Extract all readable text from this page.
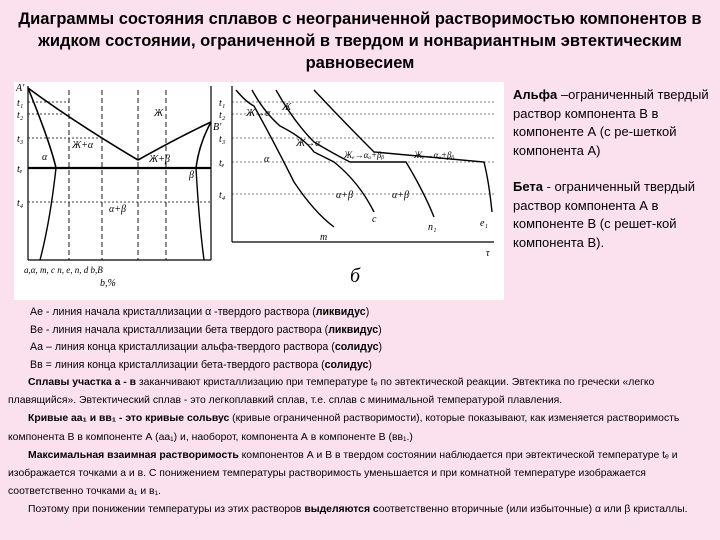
Диаграммы состояния сплавов с неограниченной растворимостью компонентов в жидком состоянии, ограниченной в твердом и нонвариантным эвтектическим равновесием
A'
t₁
t₂
t₃
tₑ
t₄
α
Ж
Ж+α
Ж+β
α+β
β
B'
а,α, m, c n, e, n, d b,B
b,%
t₁
t₂
t₃
tₑ
t₄
Ж→α
Ж
Ж→α
Жₑ→αₐ+βᵦ	Жₑ→αₐ+βᵦ
α
α+β	α+β
m
c
n₁	e₁
τ
б

Альфа –ограниченный твердый раствор компонента В в компоненте А (с ре-шеткой компонента А)

Бета - ограниченный твердый раствор компонента А в компоненте В (с решет-кой компонента В).

Ае - линия начала кристаллизации α -твердого раствора (ликвидус)
Ве - линия начала кристаллизации бета твердого раствора (ликвидус)
Аа – линия конца кристаллизации альфа-твердого раствора (солидус)
Вв = линия конца кристаллизации бета-твердого раствора (солидус)

Сплавы участка а - в заканчивают кристаллизацию при температуре tₑ по эвтектической реакции. Эвтектика по гречески «легко плавящийся». Эвтектический сплав - это легкоплавкий сплав, т.е. сплав с минимальной температурой плавления.

Кривые аа₁ и вв₁ - это кривые сольвус (кривые ограниченной растворимости), которые показывают, как изменяется растворимость компонента В в компоненте А (аа₁) и, наоборот, компонента А в компоненте В (вв₁.)

Максимальная взаимная растворимость компонентов А и В в твердом состоянии наблюдается при эвтектической температуре tₑ и изображается точками а и в. С понижением температуры растворимость уменьшается и при комнатной температуре изображается соответственно точками а₁ и в₁.

Поэтому при понижении температуры из этих растворов выделяются соответственно вторичные (или избыточные) α или β кристаллы.
